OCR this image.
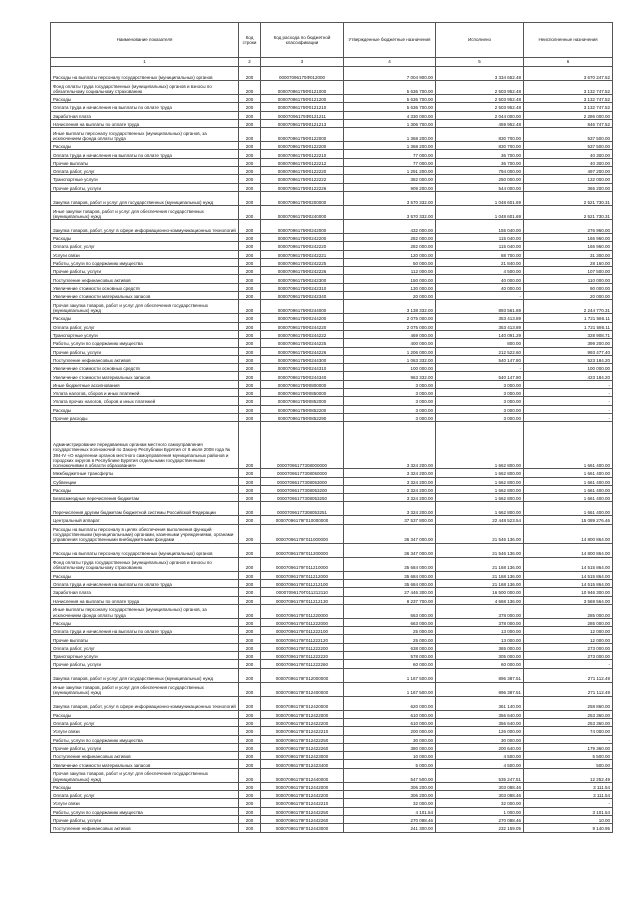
Наименование показателя	Код строки	Код расхода по бюджетной классификации	Утвержденные бюджетные назначения	Исполнено	Неисполненные назначения
1	2	3	4	5	6
Расходы на выплаты персоналу государственных (муниципальных) органов	200	00007096175Ф012000	7 004 900.00	3 334 652.48	3 670 247.52
Фонд оплаты труда государственных (муниципальных) органов и взносы по обязательному социальному страхованию	200	00007096175Ф0121000	5 636 700.00	2 503 952.48	3 132 747.52
Расходы	200	00007096175Ф0121200	5 636 700.00	2 503 952.48	3 132 747.52
Оплата труда и начисления на выплаты по оплате труда	200	00007096175Ф0121210	5 636 700.00	2 503 952.48	3 132 747.52
Заработная плата	200	00007096175Ф0121211	4 330 000.00	2 044 000.00	2 286 000.00
Начисления на выплаты по оплате труда	200	00007096175Ф0121213	1 306 700.00	459 952.48	846 747.52
Иные выплаты персоналу государственных (муниципальных) органов, за исключением фонда оплаты труда	200	00007096175Ф0122000	1 368 200.00	830 700.00	537 500.00
Расходы	200	00007096175Ф0122200	1 368 200.00	830 700.00	537 500.00
Оплата труда и начисления на выплаты по оплате труда	200	00007096175Ф0122210	77 000.00	36 700.00	40 300.00
Прочие выплаты	200	00007096175Ф0122212	77 000.00	36 700.00	40 300.00
Оплата работ, услуг	200	00007096175Ф0122220	1 291 200.00	794 000.00	497 200.00
Транспортные услуги	200	00007096175Ф0122222	382 000.00	250 000.00	132 000.00
Прочие работы, услуги	200	00007096175Ф0122226	909 200.00	544 000.00	365 200.00
Закупка товаров, работ и услуг для государственных (муниципальных) нужд	200	00007096175Ф0200000	3 570 332.00	1 048 601.69	2 521 730.31
Иные закупки товаров, работ и услуг для обеспечения государственных (муниципальных) нужд	200	00007096175Ф0240000	3 570 332.00	1 048 601.69	2 521 730.31
Закупка товаров, работ, услуг в сфере информационно-коммуникационных технологий	200	00007096175Ф0242000	432 000.00	155 040.00	276 960.00
Расходы	200	00007096175Ф0242200	282 000.00	115 040.00	166 960.00
Оплата работ, услуг	200	00007096175Ф0242220	282 000.00	115 040.00	166 960.00
Услуги связи	200	00007096175Ф0242221	120 000.00	88 700.00	31 300.00
Работы, услуги по содержанию имущества	200	00007096175Ф0242225	50 000.00	21 840.00	28 160.00
Прочие работы, услуги	200	00007096175Ф0242226	112 000.00	4 500.00	107 500.00
Поступление нефинансовых активов	200	00007096175Ф0242300	150 000.00	40 000.00	110 000.00
Увеличение стоимости основных средств	200	00007096175Ф0242310	130 000.00	40 000.00	90 000.00
Увеличение стоимости материальных запасов	200	00007096175Ф0242340	20 000.00	-	20 000.00
Прочая закупка товаров, работ и услуг для обеспечения государственных (муниципальных) нужд	200	00007096175Ф0244000	3 138 332.00	893 561.69	2 244 770.31
Расходы	200	00007096175Ф0244200	2 075 000.00	353 413.89	1 721 586.11
Оплата работ, услуг	200	00007096175Ф0244220	2 075 000.00	353 413.89	1 721 586.11
Транспортные услуги	200	00007096175Ф0244222	469 000.00	140 091.29	328 908.71
Работы, услуги по содержанию имущества	200	00007096175Ф0244225	400 000.00	800.00	399 200.00
Прочие работы, услуги	200	00007096175Ф0244226	1 206 000.00	212 522.60	993 477.40
Поступление нефинансовых активов	200	00007096175Ф0244300	1 063 332.00	540 147.80	523 184.20
Увеличение стоимости основных средств	200	00007096175Ф0244310	100 000.00	-	100 000.00
Увеличение стоимости материальных запасов	200	00007096175Ф0244340	963 332.00	540 147.80	423 184.20
Иные бюджетные ассигнования	200	00007096175Ф0800000	3 000.00	3 000.00	-
Уплата налогов, сборов и иных платежей	200	00007096175Ф0850000	3 000.00	3 000.00	-
Уплата прочих налогов, сборов и иных платежей	200	00007096175Ф0852000	3 000.00	3 000.00	-
Расходы	200	00007096175Ф0852200	3 000.00	3 000.00	-
Прочие расходы	200	00007096175Ф0852290	3 000.00	3 000.00	-
Администрирование передаваемых органам местного самоуправления государственных полномочий по Закону Республики Бурятия от 8 июля 2008 года № 394-IV «О наделении органов местного самоуправления муниципальных районов и городских округов в Республике Бурятия отдельными государственными полномочиями в области образования»	200	00007096177308000000	3 324 200.00	1 662 800.00	1 661 400.00
Межбюджетные трансферты	200	00007096177308050000	3 324 200.00	1 662 800.00	1 661 400.00
Субвенции	200	00007096177308053000	3 324 200.00	1 662 800.00	1 661 400.00
Расходы	200	00007096177308053200	3 324 200.00	1 662 800.00	1 661 400.00
Безвозмездные перечисления бюджетам	200	00007096177308053250	3 324 200.00	1 662 800.00	1 661 400.00
Перечисления другим бюджетам бюджетной системы Российской Федерации	200	00007096177308053251	3 324 200.00	1 662 800.00	1 661 400.00
Центральный аппарат	200	00007096179Г010000000	37 537 800.00	22 448 523.54	15 089 276.46
Расходы на выплаты персоналу в целях обеспечения выполнения функций государственными (муниципальными) органами, казенными учреждениями, органами управления государственными внебюджетными фондами	200	00007096179Г011000000	36 347 000.00	21 546 136.00	14 800 864.00
Расходы на выплаты персоналу государственных (муниципальных) органов	200	00007096179Г011200000	36 347 000.00	21 546 136.00	14 800 864.00
Фонд оплаты труда государственных (муниципальных) органов и взносы по обязательному социальному страхованию	200	00007096179Г011210000	35 684 000.00	21 168 136.00	14 515 864.00
Расходы	200	00007096179Г011212000	35 684 000.00	21 168 136.00	14 515 864.00
Оплата труда и начисления на выплаты по оплате труда	200	00007096179Г011212100	35 684 000.00	21 168 136.00	14 515 864.00
Заработная плата	200	00007096179Г011212110	27 446 300.00	16 500 000.00	10 946 300.00
Начисления на выплаты по оплате труда	200	00007096179Г011212130	8 237 700.00	4 668 136.00	3 569 564.00
Иные выплаты персоналу государственных (муниципальных) органов, за исключением фонда оплаты труда	200	00007096179Г011220000	663 000.00	378 000.00	285 000.00
Расходы	200	00007096179Г011222000	663 000.00	378 000.00	285 000.00
Оплата труда и начисления на выплаты по оплате труда	200	00007096179Г011222100	25 000.00	13 000.00	12 000.00
Прочие выплаты	200	00007096179Г011222120	25 000.00	13 000.00	12 000.00
Оплата работ, услуг	200	00007096179Г011222200	638 000.00	365 000.00	273 000.00
Транспортные услуги	200	00007096179Г011222220	578 000.00	305 000.00	273 000.00
Прочие работы, услуги	200	00007096179Г011222260	60 000.00	60 000.00	-
Закупка товаров, работ и услуг для государственных (муниципальных) нужд	200	00007096179Г012000000	1 167 500.00	896 387.51	271 112.49
Иные закупки товаров, работ и услуг для обеспечения государственных (муниципальных) нужд	200	00007096179Г012400000	1 167 500.00	896 387.51	271 112.49
Закупка товаров, работ, услуг в сфере информационно-коммуникационных технологий	200	00007096179Г012420000	620 000.00	361 140.00	258 860.00
Расходы	200	00007096179Г012422000	610 000.00	356 640.00	253 360.00
Оплата работ, услуг	200	00007096179Г012422200	610 000.00	356 640.00	253 360.00
Услуги связи	200	00007096179Г012422210	200 000.00	126 000.00	74 000.00
Работы, услуги по содержанию имущества	200	00007096179Г012422250	30 000.00	30 000.00	-
Прочие работы, услуги	200	00007096179Г012422260	380 000.00	200 640.00	179 360.00
Поступление нефинансовых активов	200	00007096179Г012423000	10 000.00	4 500.00	5 500.00
Увеличение стоимости материальных запасов	200	00007096179Г012423400	5 000.00	4 500.00	500.00
Прочая закупка товаров, работ и услуг для обеспечения государственных (муниципальных) нужд	200	00007096179Г012440000	547 500.00	535 247.51	12 252.49
Расходы	200	00007096179Г012442000	306 200.00	303 088.46	3 111.54
Оплата работ, услуг	200	00007096179Г012442200	306 200.00	303 088.46	3 111.54
Услуги связи	200	00007096179Г012442210	32 000.00	32 000.00	-
Работы, услуги по содержанию имущества	200	00007096179Г012442250	4 101.54	1 000.00	3 101.54
Прочие работы, услуги	200	00007096179Г012442260	270 098.46	270 088.46	10.00
Поступление нефинансовых активов	200	00007096179Г012443000	241 300.00	232 159.05	9 140.95
